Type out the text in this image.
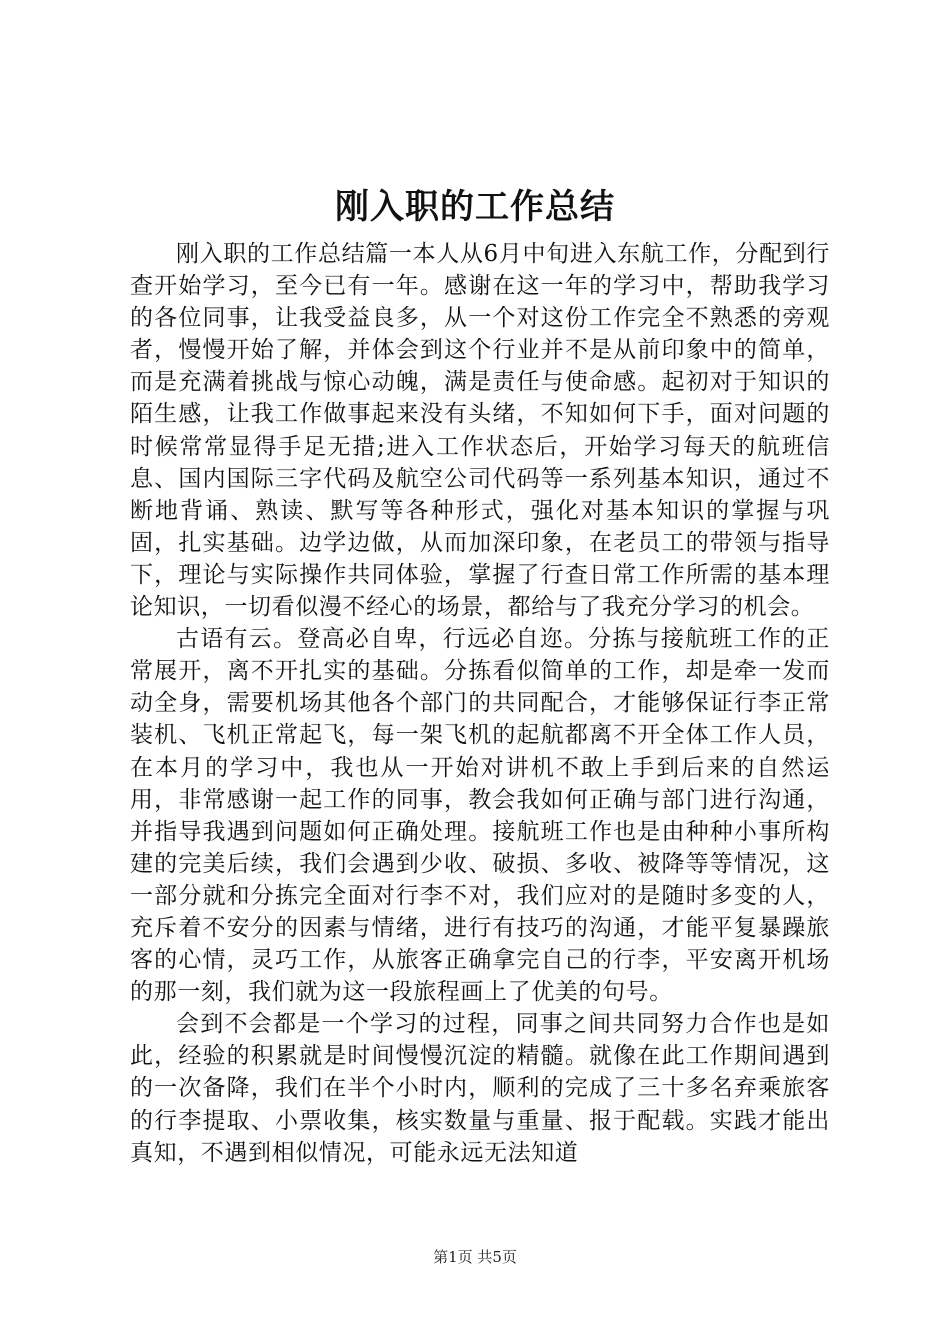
刚入职的工作总结

刚入职的工作总结篇一本人从6月中旬进入东航工作，分配到行查开始学习，至今已有一年。感谢在这一年的学习中，帮助我学习的各位同事，让我受益良多，从一个对这份工作完全不熟悉的旁观者，慢慢开始了解，并体会到这个行业并不是从前印象中的简单，而是充满着挑战与惊心动魄，满是责任与使命感。起初对于知识的陌生感，让我工作做事起来没有头绪，不知如何下手，面对问题的时候常常显得手足无措;进入工作状态后，开始学习每天的航班信息、国内国际三字代码及航空公司代码等一系列基本知识，通过不断地背诵、熟读、默写等各种形式，强化对基本知识的掌握与巩固，扎实基础。边学边做，从而加深印象，在老员工的带领与指导下，理论与实际操作共同体验，掌握了行查日常工作所需的基本理论知识，一切看似漫不经心的场景，都给与了我充分学习的机会。

古语有云。登高必自卑，行远必自迩。分拣与接航班工作的正常展开，离不开扎实的基础。分拣看似简单的工作，却是牵一发而动全身，需要机场其他各个部门的共同配合，才能够保证行李正常装机、飞机正常起飞，每一架飞机的起航都离不开全体工作人员，在本月的学习中，我也从一开始对讲机不敢上手到后来的自然运用，非常感谢一起工作的同事，教会我如何正确与部门进行沟通，并指导我遇到问题如何正确处理。接航班工作也是由种种小事所构建的完美后续，我们会遇到少收、破损、多收、被降等等情况，这一部分就和分拣完全面对行李不对，我们应对的是随时多变的人，充斥着不安分的因素与情绪，进行有技巧的沟通，才能平复暴躁旅客的心情，灵巧工作，从旅客正确拿完自己的行李，平安离开机场的那一刻，我们就为这一段旅程画上了优美的句号。

会到不会都是一个学习的过程，同事之间共同努力合作也是如此，经验的积累就是时间慢慢沉淀的精髓。就像在此工作期间遇到的一次备降，我们在半个小时内，顺利的完成了三十多名弃乘旅客的行李提取、小票收集，核实数量与重量、报于配载。实践才能出真知，不遇到相似情况，可能永远无法知道

第1页 共5页
